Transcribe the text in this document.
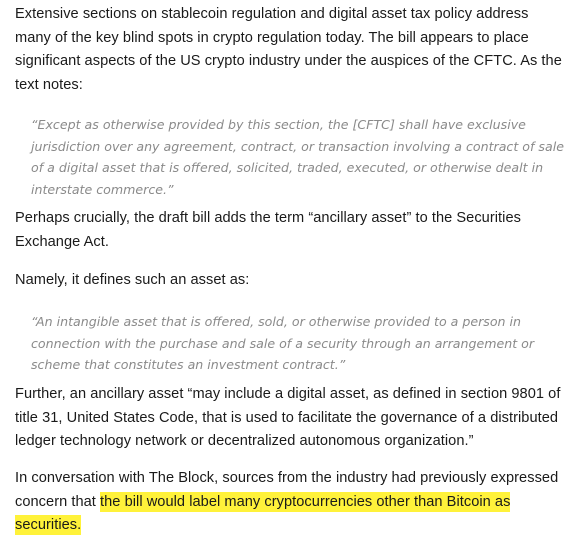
Extensive sections on stablecoin regulation and digital asset tax policy address many of the key blind spots in crypto regulation today. The bill appears to place significant aspects of the US crypto industry under the auspices of the CFTC. As the text notes:

“Except as otherwise provided by this section, the [CFTC] shall have exclusive jurisdiction over any agreement, contract, or transaction involving a contract of sale of a digital asset that is offered, solicited, traded, executed, or otherwise dealt in interstate commerce.”

Perhaps crucially, the draft bill adds the term “ancillary asset” to the Securities Exchange Act.

Namely, it defines such an asset as:

“An intangible asset that is offered, sold, or otherwise provided to a person in connection with the purchase and sale of a security through an arrangement or scheme that constitutes an investment contract.”

Further, an ancillary asset “may include a digital asset, as defined in section 9801 of title 31, United States Code, that is used to facilitate the governance of a distributed ledger technology network or decentralized autonomous organization.”

In conversation with The Block, sources from the industry had previously expressed concern that the bill would label many cryptocurrencies other than Bitcoin as securities.
